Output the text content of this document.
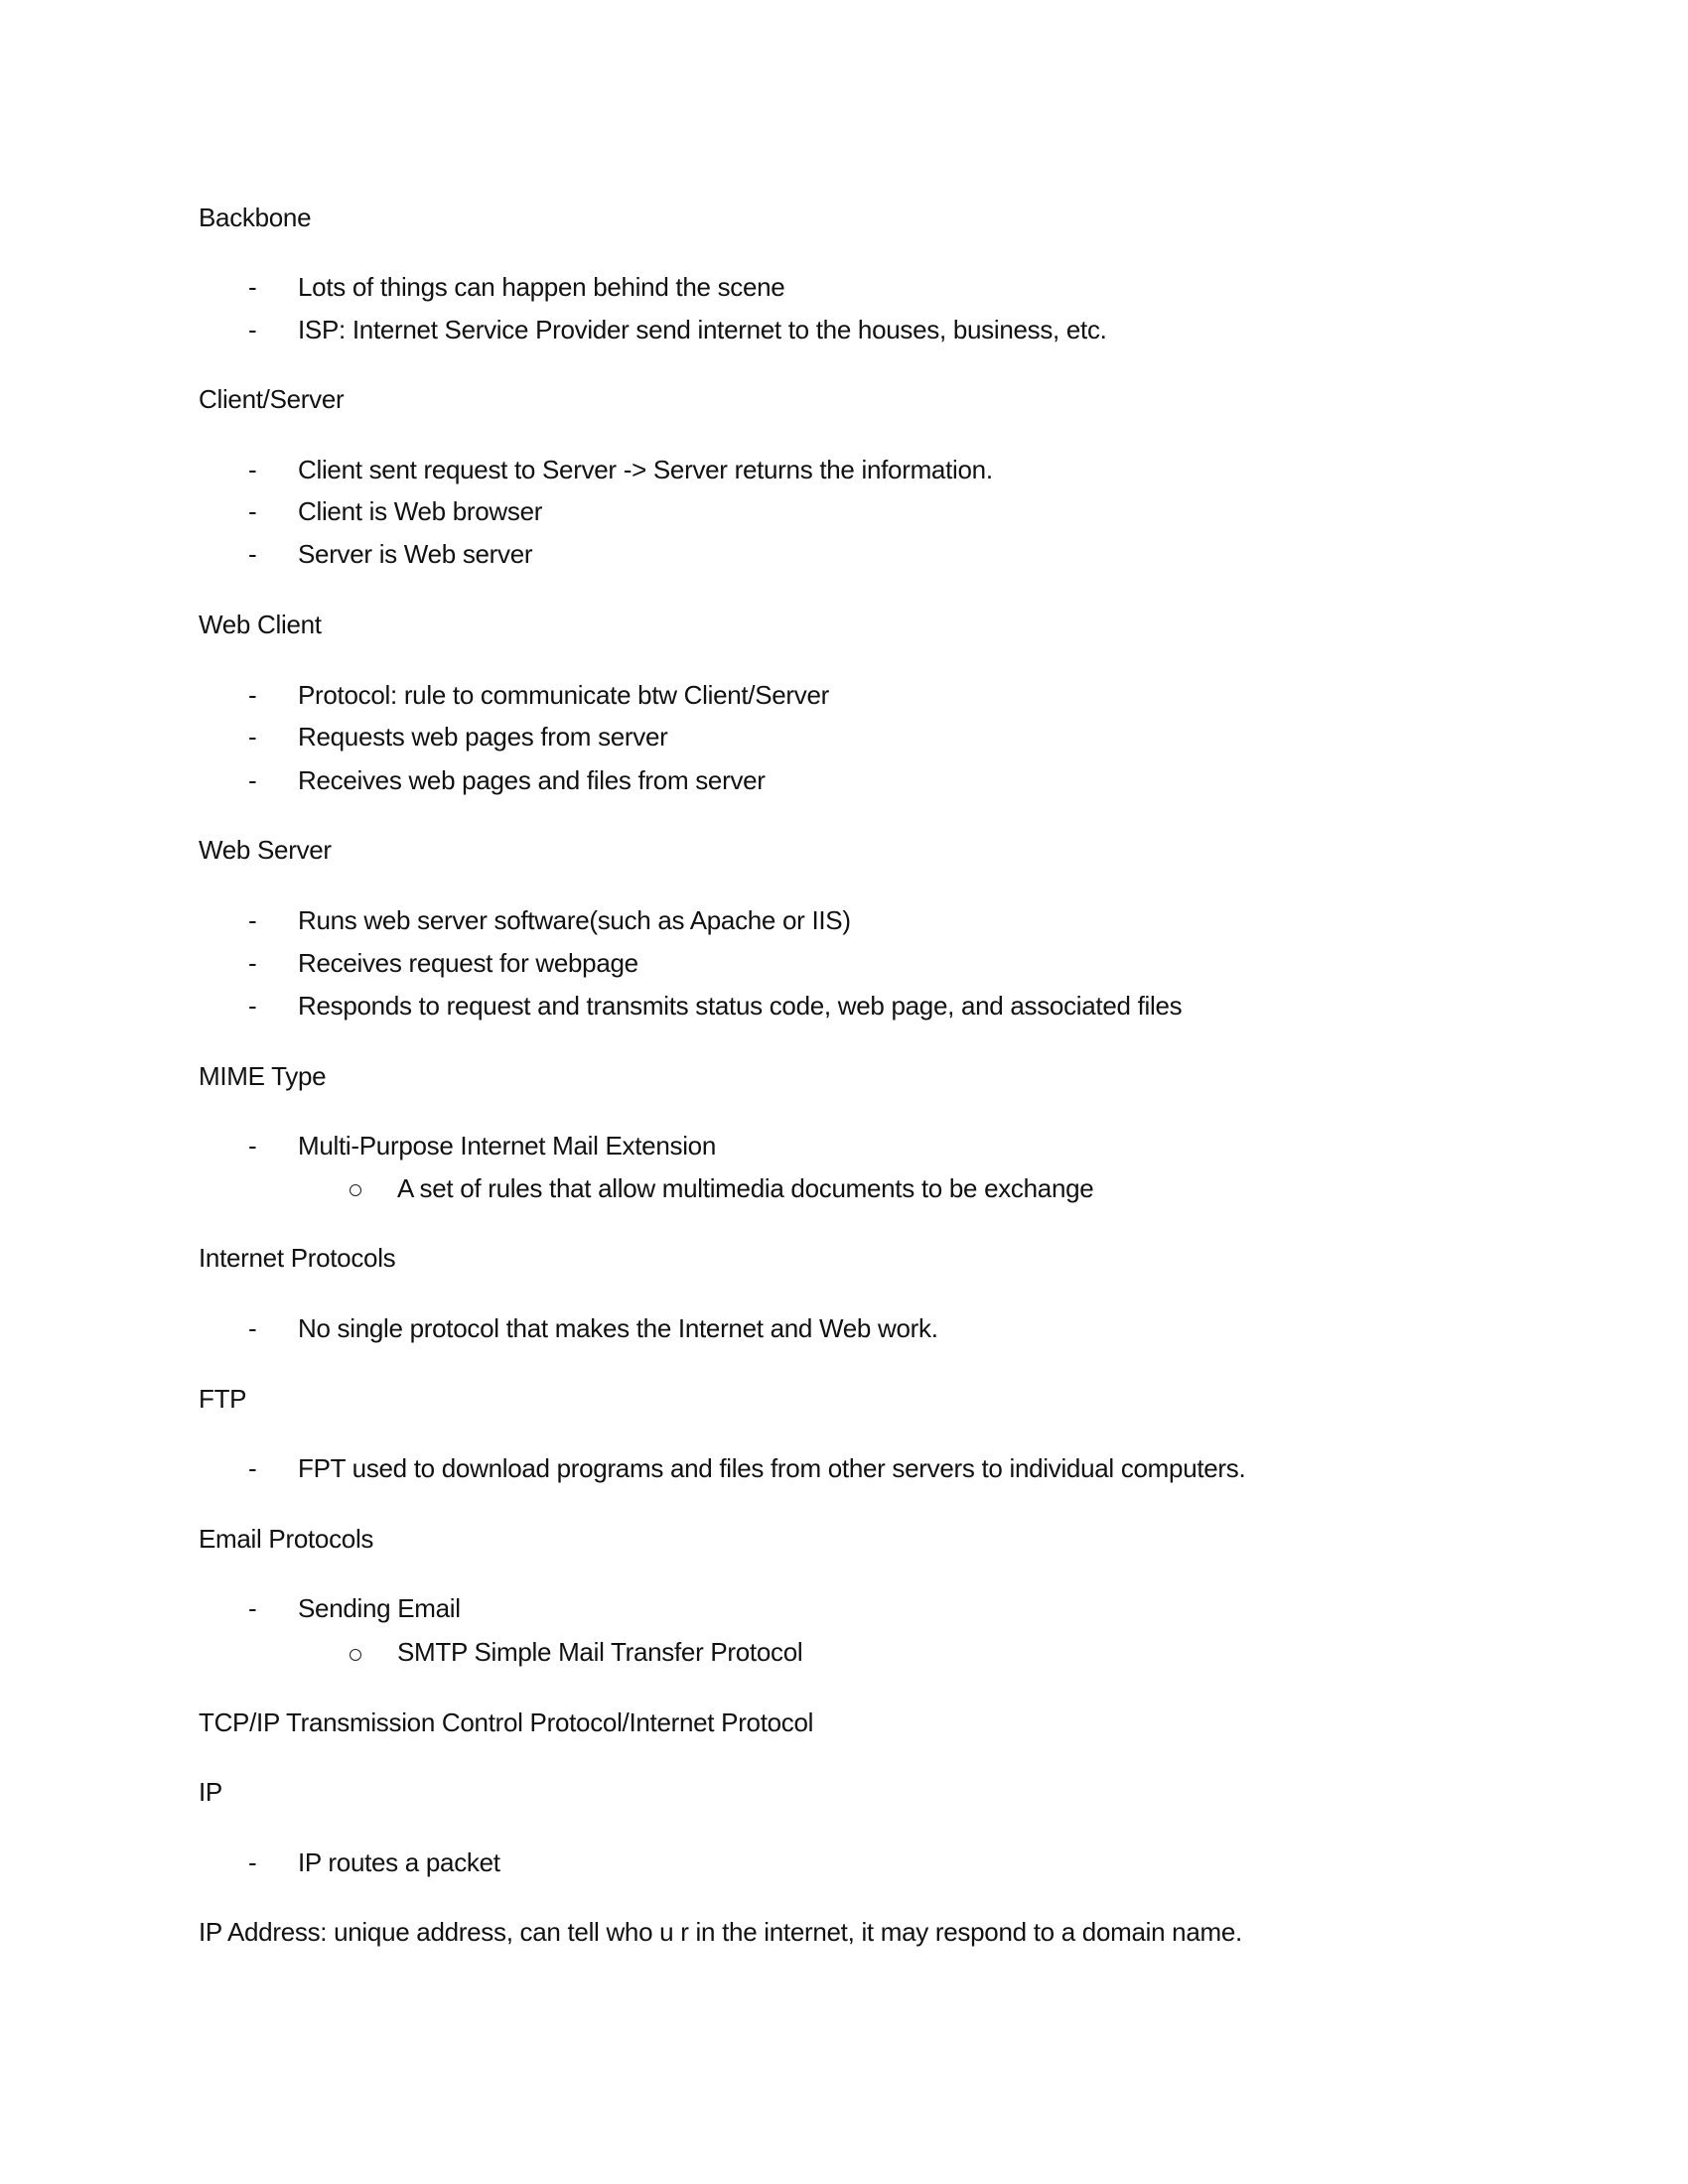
Backbone
- Lots of things can happen behind the scene
- ISP: Internet Service Provider send internet to the houses, business, etc.
Client/Server
- Client sent request to Server -> Server returns the information.
- Client is Web browser
- Server is Web server
Web Client
- Protocol: rule to communicate btw Client/Server
- Requests web pages from server
- Receives web pages and files from server
Web Server
- Runs web server software(such as Apache or IIS)
- Receives request for webpage
- Responds to request and transmits status code, web page, and associated files
MIME Type
- Multi-Purpose Internet Mail Extension
A set of rules that allow multimedia documents to be exchange
Internet Protocols
- No single protocol that makes the Internet and Web work.
FTP
- FPT used to download programs and files from other servers to individual computers.
Email Protocols
- Sending Email
SMTP Simple Mail Transfer Protocol
TCP/IP Transmission Control Protocol/Internet Protocol
IP
- IP routes a packet
IP Address: unique address, can tell who u r in the internet, it may respond to a domain name.
